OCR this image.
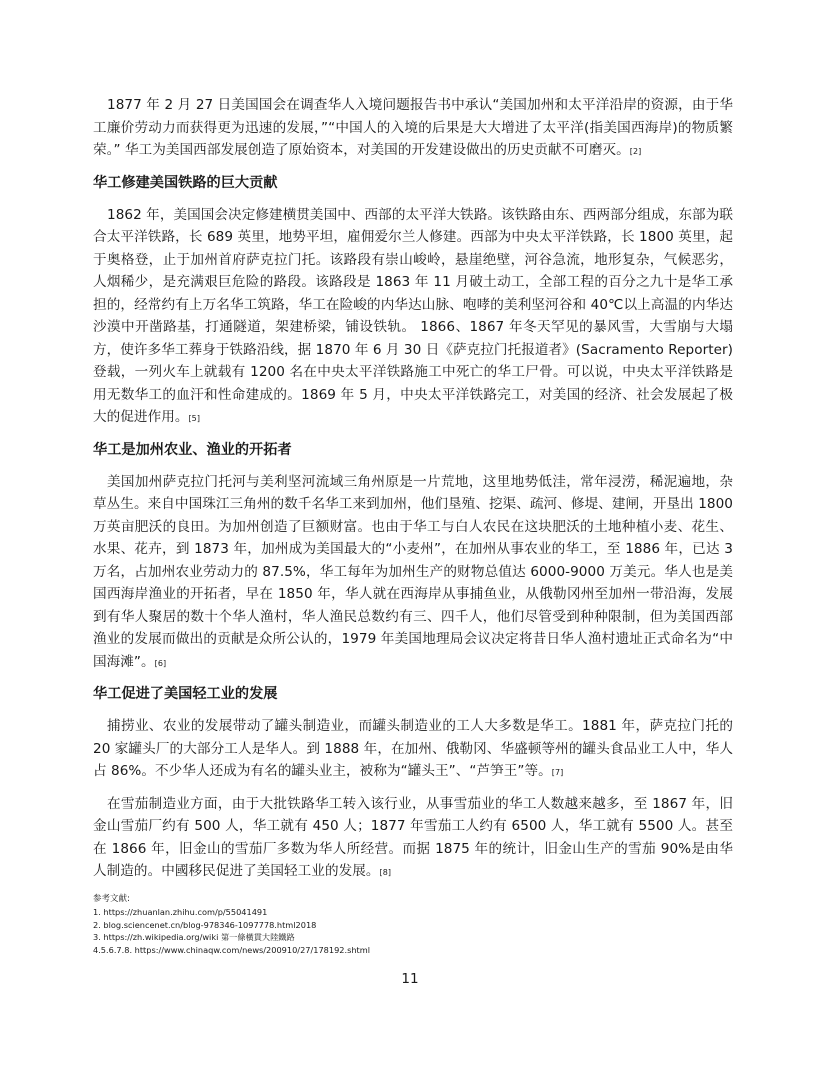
1877 年 2 月 27 日美国国会在调查华人入境问题报告书中承认“美国加州和太平洋沿岸的资源，由于华工廉价劳动力而获得更为迅速的发展，”“中国人的入境的后果是大大增进了太平洋(指美国西海岸)的物质繁荣。” 华工为美国西部发展创造了原始资本，对美国的开发建设做出的历史贡献不可磨灭。[2]

华工修建美国铁路的巨大贡献

1862 年，美国国会决定修建横贯美国中、西部的太平洋大铁路。该铁路由东、西两部分组成，东部为联合太平洋铁路，长 689 英里，地势平坦，雇佣爱尔兰人修建。西部为中央太平洋铁路，长 1800 英里，起于奥格登，止于加州首府萨克拉门托。该路段有崇山峻岭，悬崖绝壁，河谷急流，地形复杂，气候恶劣，人烟稀少，是充满艰巨危险的路段。该路段是 1863 年 11 月破土动工，全部工程的百分之九十是华工承担的，经常约有上万名华工筑路，华工在险峻的内华达山脉、咆哮的美利坚河谷和 40℃以上高温的内华达沙漠中开凿路基，打通隧道，架建桥梁，铺设铁轨。 1866、1867 年冬天罕见的暴风雪，大雪崩与大塌方，使许多华工葬身于铁路沿线，据 1870 年 6 月 30 日《萨克拉门托报道者》(Sacramento Reporter)登载，一列火车上就载有 1200 名在中央太平洋铁路施工中死亡的华工尸骨。可以说，中央太平洋铁路是用无数华工的血汗和性命建成的。1869 年 5 月，中央太平洋铁路完工，对美国的经济、社会发展起了极大的促进作用。[5]

华工是加州农业、渔业的开拓者

美国加州萨克拉门托河与美利坚河流域三角州原是一片荒地，这里地势低洼，常年浸涝，稀泥遍地，杂草丛生。来自中国珠江三角州的数千名华工来到加州，他们垦殖、挖渠、疏河、修堤、建闸，开垦出 1800 万英亩肥沃的良田。为加州创造了巨额财富。也由于华工与白人农民在这块肥沃的土地种植小麦、花生、水果、花卉，到 1873 年，加州成为美国最大的“小麦州”，在加州从事农业的华工，至 1886 年，已达 3 万名，占加州农业劳动力的 87.5%，华工每年为加州生产的财物总值达 6000-9000 万美元。华人也是美国西海岸渔业的开拓者，早在 1850 年，华人就在西海岸从事捕鱼业，从俄勒冈州至加州一带沿海，发展到有华人聚居的数十个华人渔村，华人渔民总数约有三、四千人，他们尽管受到种种限制，但为美国西部渔业的发展而做出的贡献是众所公认的，1979 年美国地理局会议决定将昔日华人渔村遗址正式命名为“中国海滩”。[6]

华工促进了美国轻工业的发展

捕捞业、农业的发展带动了罐头制造业，而罐头制造业的工人大多数是华工。1881 年，萨克拉门托的 20 家罐头厂的大部分工人是华人。到 1888 年，在加州、俄勒冈、华盛顿等州的罐头食品业工人中，华人占 86%。不少华人还成为有名的罐头业主，被称为“罐头王”、“芦笋王”等。[7]

在雪茄制造业方面，由于大批铁路华工转入该行业，从事雪茄业的华工人数越来越多，至 1867 年，旧金山雪茄厂约有 500 人，华工就有 450 人；1877 年雪茄工人约有 6500 人，华工就有 5500 人。甚至在 1866 年，旧金山的雪茄厂多数为华人所经营。而据 1875 年的统计，旧金山生产的雪茄 90%是由华人制造的。中國移民促进了美国轻工业的发展。[8]

参考文献:
1. https://zhuanlan.zhihu.com/p/55041491
2. blog.sciencenet.cn/blog-978346-1097778.html2018
3. https://zh.wikipedia.org/wiki 第一條橫貫大陸鐵路
4.5.6.7.8. https://www.chinaqw.com/news/200910/27/178192.shtml
11
